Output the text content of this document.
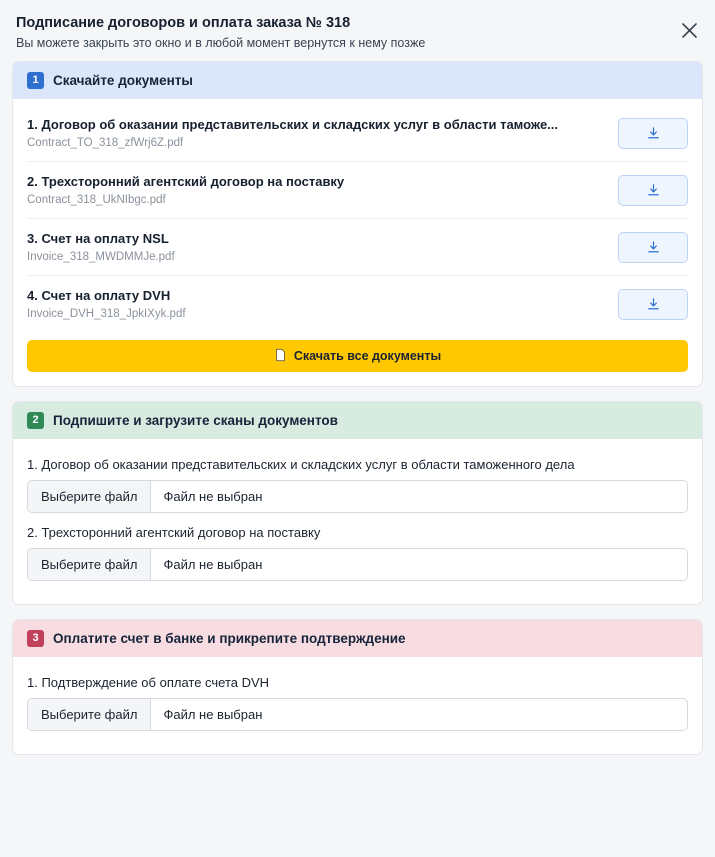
Подписание договоров и оплата заказа № 318
Вы можете закрыть это окно и в любой момент вернутся к нему позже
1	Скачайте документы
1. Договор об оказании представительских и складских услуг в области таможе...
Contract_TO_318_zfWrj6Z.pdf
2. Трехсторонний агентский договор на поставку
Contract_318_UkNIbgc.pdf
3. Счет на оплату NSL
Invoice_318_MWDMMJe.pdf
4. Счет на оплату DVH
Invoice_DVH_318_JpkIXyk.pdf
Скачать все документы
2	Подпишите и загрузите сканы документов
1. Договор об оказании представительских и складских услуг в области таможенного дела
Выберите файл	Файл не выбран
2. Трехсторонний агентский договор на поставку
Выберите файл	Файл не выбран
3	Оплатите счет в банке и прикрепите подтверждение
1. Подтверждение об оплате счета DVH
Выберите файл	Файл не выбран
